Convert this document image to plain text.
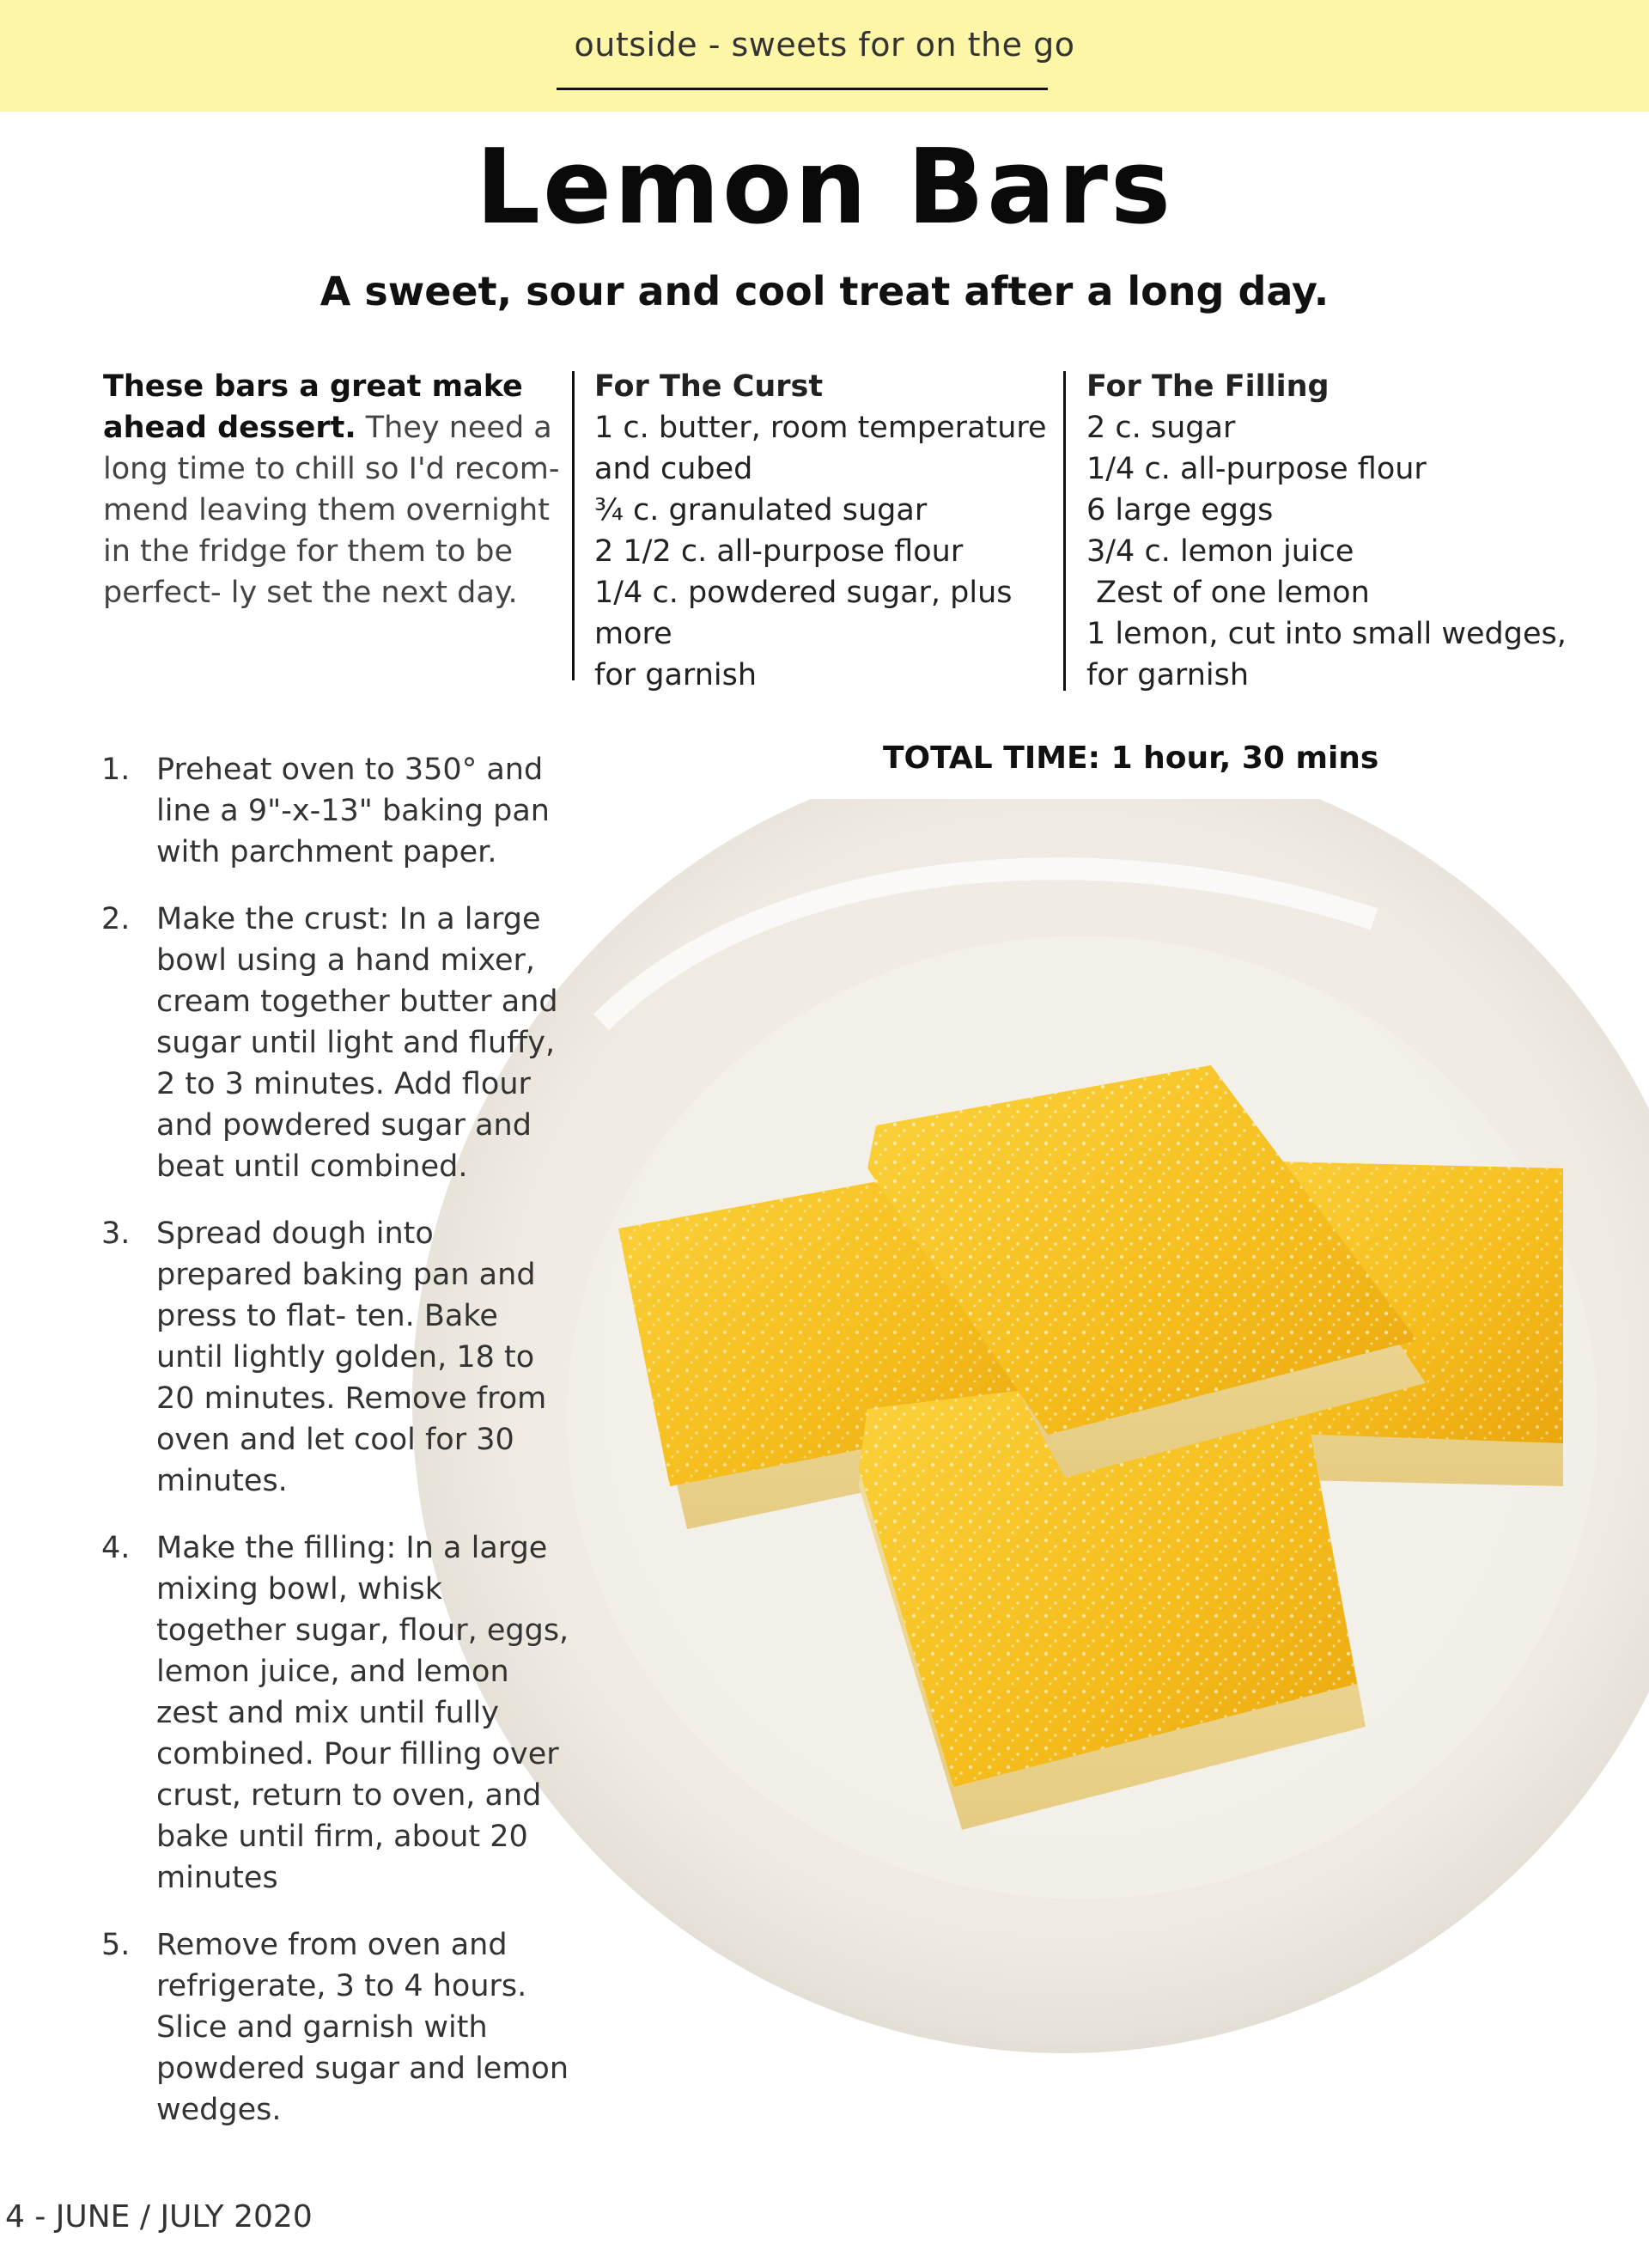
outside - sweets for on the go
Lemon Bars
A sweet, sour and cool treat after a long day.
These bars a great make ahead dessert. They need a long time to chill so I'd recom- mend leaving them overnight in the fridge for them to be perfect- ly set the next day.
For The Curst
1 c. butter, room temperature
and cubed
¾ c. granulated sugar
2 1/2 c. all-purpose flour
1/4 c. powdered sugar, plus more
for garnish
For The Filling
2 c. sugar
1/4 c. all-purpose flour
6 large eggs
3/4 c. lemon juice
Zest of one lemon
1 lemon, cut into small wedges,
for garnish
TOTAL TIME: 1 hour, 30 mins
1. Preheat oven to 350° and line a 9"-x-13" baking pan with parchment paper.
2. Make the crust: In a large bowl using a hand mixer, cream together butter and sugar until light and fluffy, 2 to 3 minutes. Add flour and powdered sugar and beat until combined.
3. Spread dough into prepared baking pan and press to flat- ten. Bake until lightly golden, 18 to 20 minutes. Remove from oven and let cool for 30 minutes.
4. Make the filling: In a large mixing bowl, whisk together sugar, flour, eggs, lemon juice, and lemon zest and mix until fully combined. Pour filling over crust, return to oven, and bake until firm, about 20 minutes
5. Remove from oven and refrigerate, 3 to 4 hours. Slice and garnish with powdered sugar and lemon wedges.
4 - JUNE / JULY 2020
